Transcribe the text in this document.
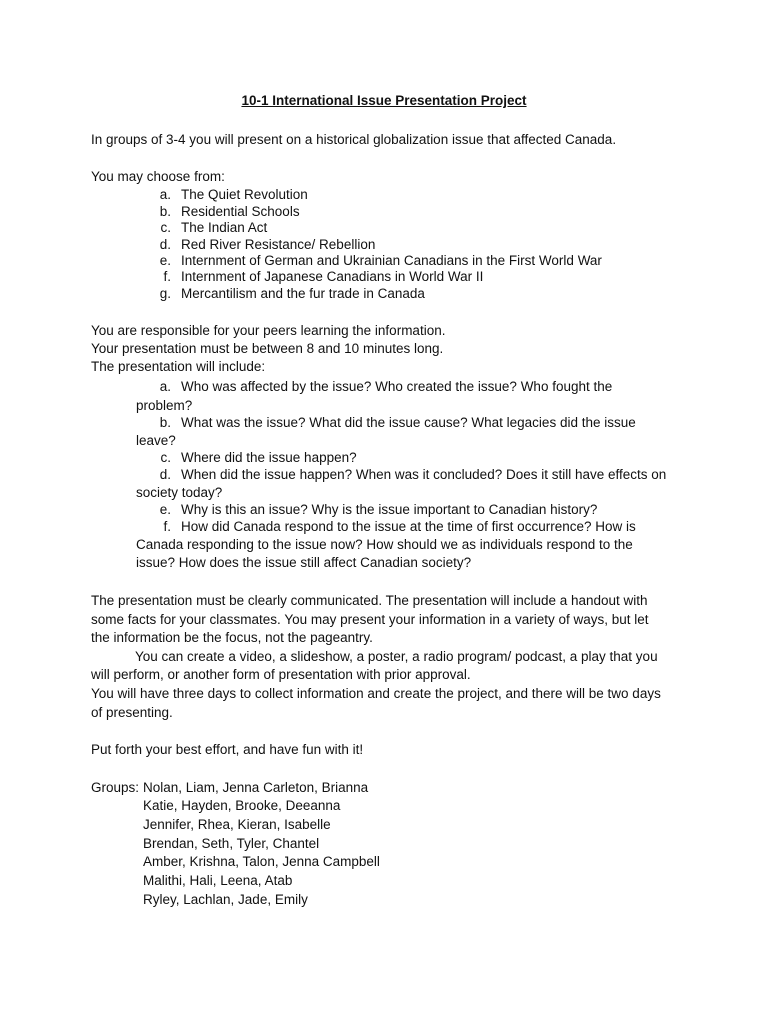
10-1 International Issue Presentation Project
In groups of 3-4 you will present on a historical globalization issue that affected Canada.
You may choose from:
a. The Quiet Revolution
b. Residential Schools
c. The Indian Act
d. Red River Resistance/ Rebellion
e. Internment of German and Ukrainian Canadians in the First World War
f. Internment of Japanese Canadians in World War II
g. Mercantilism and the fur trade in Canada
You are responsible for your peers learning the information.
Your presentation must be between 8 and 10 minutes long.
The presentation will include:
a. Who was affected by the issue? Who created the issue? Who fought the
problem?
b. What was the issue? What did the issue cause? What legacies did the issue
leave?
c. Where did the issue happen?
d. When did the issue happen? When was it concluded? Does it still have effects on
society today?
e. Why is this an issue? Why is the issue important to Canadian history?
f. How did Canada respond to the issue at the time of first occurrence? How is
Canada responding to the issue now? How should we as individuals respond to the
issue? How does the issue still affect Canadian society?
The presentation must be clearly communicated. The presentation will include a handout with
some facts for your classmates. You may present your information in a variety of ways, but let
the information be the focus, not the pageantry.
You can create a video, a slideshow, a poster, a radio program/ podcast, a play that you
will perform, or another form of presentation with prior approval.
You will have three days to collect information and create the project, and there will be two days
of presenting.
Put forth your best effort, and have fun with it!
Groups: Nolan, Liam, Jenna Carleton, Brianna
Katie, Hayden, Brooke, Deeanna
Jennifer, Rhea, Kieran, Isabelle
Brendan, Seth, Tyler, Chantel
Amber, Krishna, Talon, Jenna Campbell
Malithi, Hali, Leena, Atab
Ryley, Lachlan, Jade, Emily
